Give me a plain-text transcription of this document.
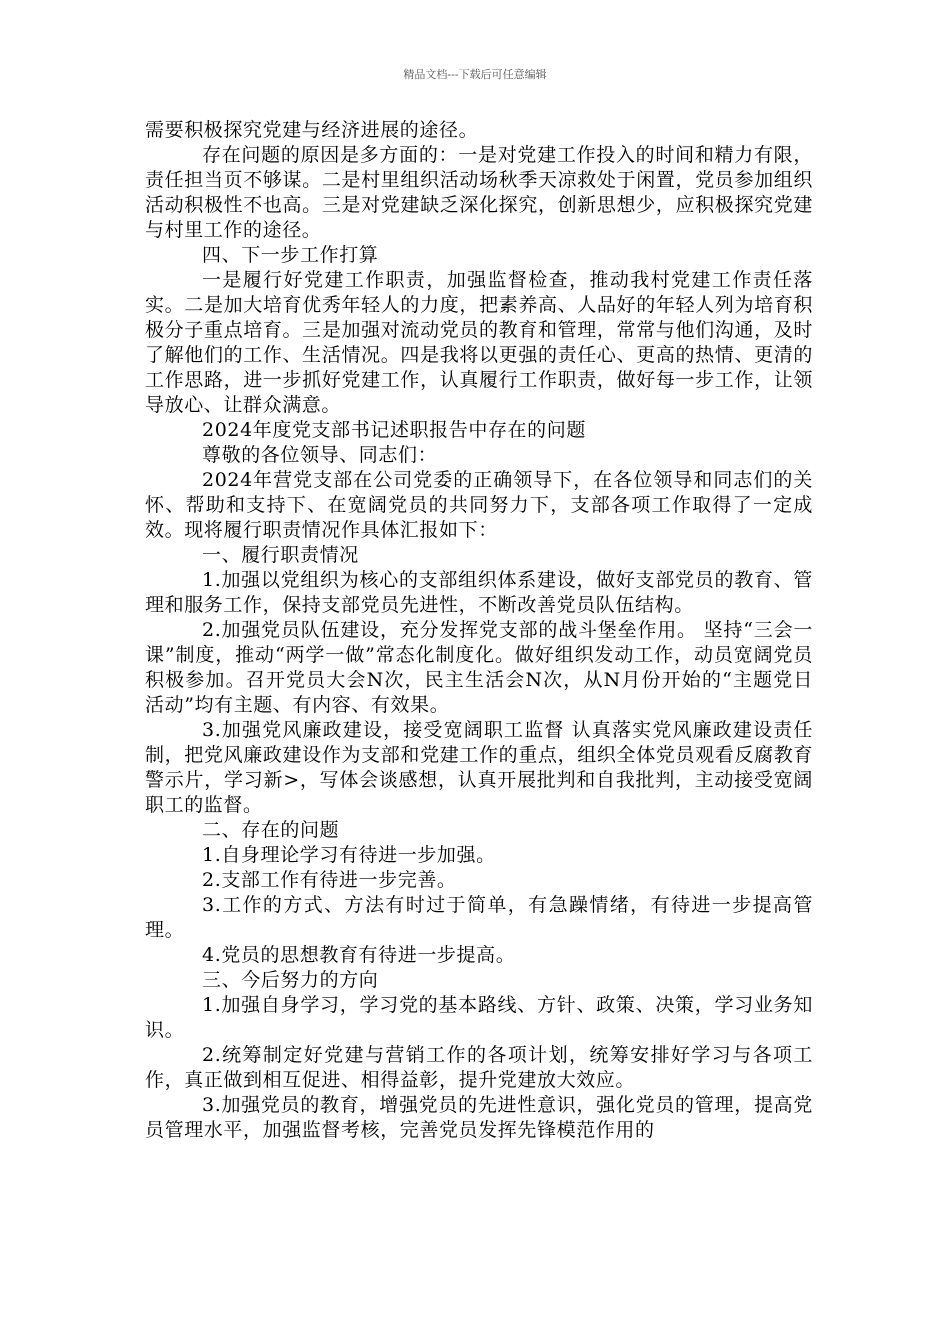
精品文档---下载后可任意编辑

需要积极探究党建与经济进展的途径。

存在问题的原因是多方面的：一是对党建工作投入的时间和精力有限，责任担当页不够谋。二是村里组织活动场秋季天凉救处于闲置，党员参加组织活动积极性不也高。三是对党建缺乏深化探究，创新思想少，应积极探究党建与村里工作的途径。

四、下一步工作打算

一是履行好党建工作职责，加强监督检查，推动我村党建工作责任落实。二是加大培育优秀年轻人的力度，把素养高、人品好的年轻人列为培育积极分子重点培育。三是加强对流动党员的教育和管理，常常与他们沟通，及时了解他们的工作、生活情况。四是我将以更强的责任心、更高的热情、更清的工作思路，进一步抓好党建工作，认真履行工作职责，做好每一步工作，让领导放心、让群众满意。

2024年度党支部书记述职报告中存在的问题

尊敬的各位领导、同志们：

2024年营党支部在公司党委的正确领导下，在各位领导和同志们的关怀、帮助和支持下、在宽阔党员的共同努力下，支部各项工作取得了一定成效。现将履行职责情况作具体汇报如下：

一、履行职责情况

1.加强以党组织为核心的支部组织体系建设，做好支部党员的教育、管理和服务工作，保持支部党员先进性，不断改善党员队伍结构。

2.加强党员队伍建设，充分发挥党支部的战斗堡垒作用。 坚持“三会一课”制度，推动“两学一做”常态化制度化。做好组织发动工作，动员宽阔党员积极参加。召开党员大会N次，民主生活会N次，从N月份开始的“主题党日活动”均有主题、有内容、有效果。

3.加强党风廉政建设，接受宽阔职工监督 认真落实党风廉政建设责任制，把党风廉政建设作为支部和党建工作的重点，组织全体党员观看反腐教育警示片，学习新>，写体会谈感想，认真开展批判和自我批判，主动接受宽阔职工的监督。

二、存在的问题

1.自身理论学习有待进一步加强。

2.支部工作有待进一步完善。

3.工作的方式、方法有时过于简单，有急躁情绪，有待进一步提高管理。

4.党员的思想教育有待进一步提高。

三、今后努力的方向

1.加强自身学习，学习党的基本路线、方针、政策、决策，学习业务知识。

2.统筹制定好党建与营销工作的各项计划，统筹安排好学习与各项工作，真正做到相互促进、相得益彰，提升党建放大效应。

3.加强党员的教育，增强党员的先进性意识，强化党员的管理，提高党员管理水平，加强监督考核，完善党员发挥先锋模范作用的
